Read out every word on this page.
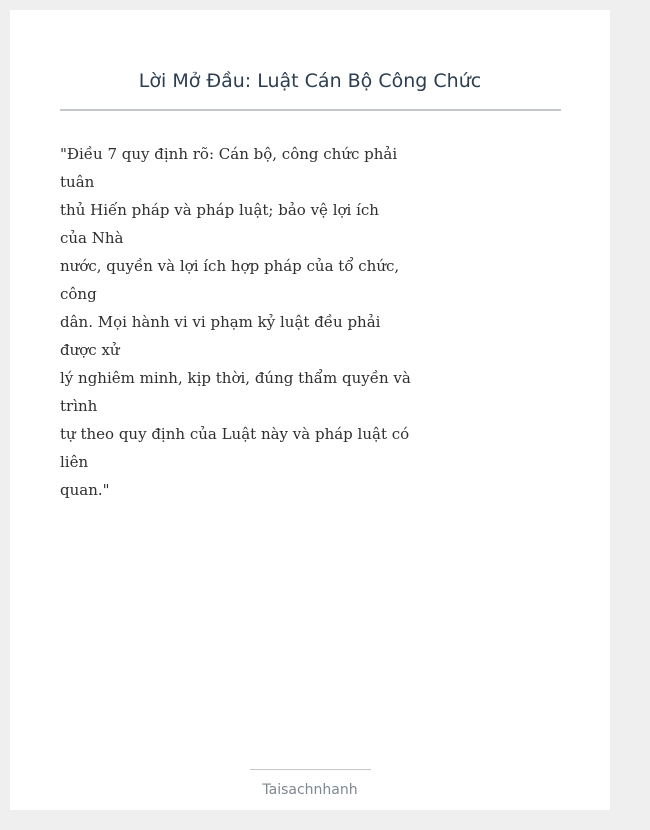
Lời Mở Đầu: Luật Cán Bộ Công Chức
"Điều 7 quy định rõ: Cán bộ, công chức phải
tuân
thủ Hiến pháp và pháp luật; bảo vệ lợi ích
của Nhà
nước, quyền và lợi ích hợp pháp của tổ chức,
công
dân. Mọi hành vi vi phạm kỷ luật đều phải
được xử
lý nghiêm minh, kịp thời, đúng thẩm quyền và
trình
tự theo quy định của Luật này và pháp luật có
liên
quan."
Taisachnhanh
